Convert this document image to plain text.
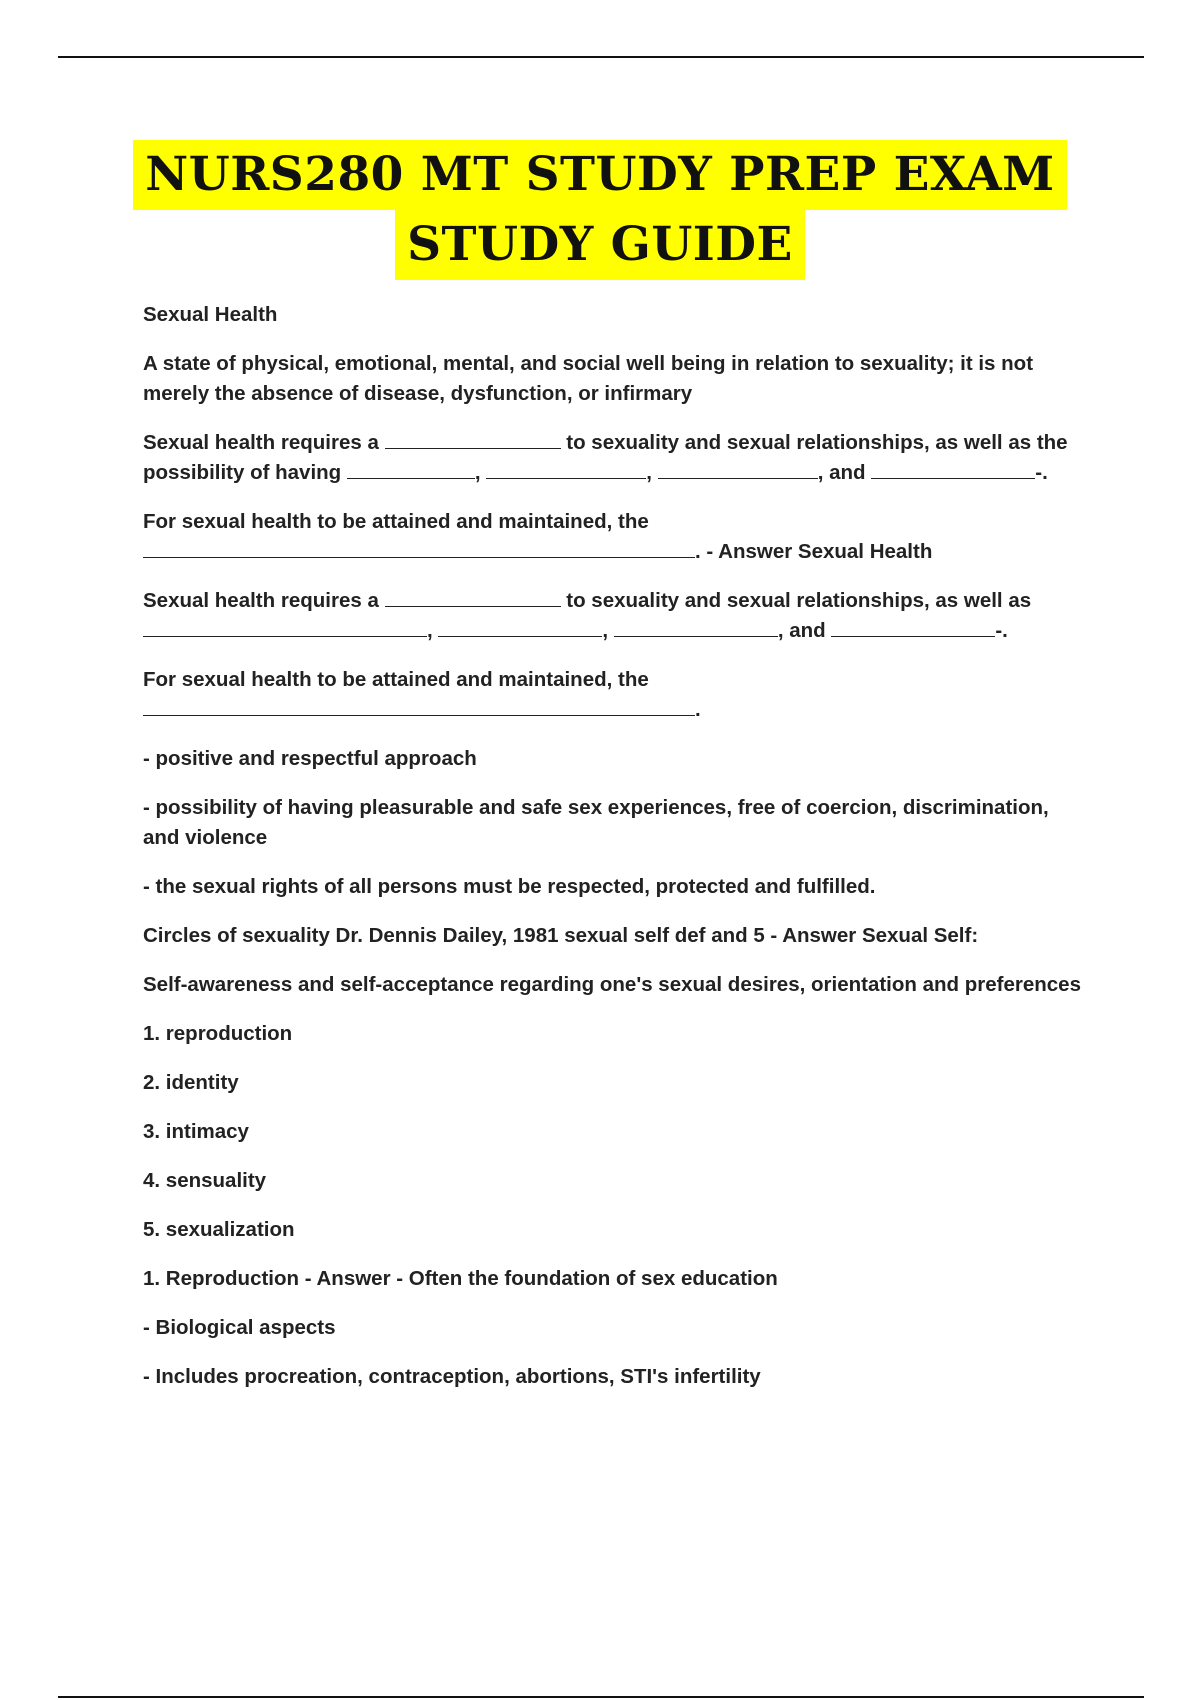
NURS280 MT STUDY PREP EXAM
STUDY GUIDE

Sexual Health

A state of physical, emotional, mental, and social well being in relation to sexuality; it is not merely the absence of disease, dysfunction, or infirmary

Sexual health requires a	to sexuality and sexual relationships, as well as the possibility of having	,	,	, and	-.

For sexual health to be attained and maintained, the
. - Answer Sexual Health

Sexual health requires a	to sexuality and sexual relationships, as well as ,	,	, and	-.

For sexual health to be attained and maintained, the
.

- positive and respectful approach

- possibility of having pleasurable and safe sex experiences, free of coercion, discrimination, and violence

- the sexual rights of all persons must be respected, protected and fulfilled.

Circles of sexuality Dr. Dennis Dailey, 1981 sexual self def and 5 - Answer Sexual Self:

Self-awareness and self-acceptance regarding one's sexual desires, orientation and preferences

1. reproduction

2. identity

3. intimacy

4. sensuality

5. sexualization

1. Reproduction - Answer - Often the foundation of sex education

- Biological aspects

- Includes procreation, contraception, abortions, STI's infertility
